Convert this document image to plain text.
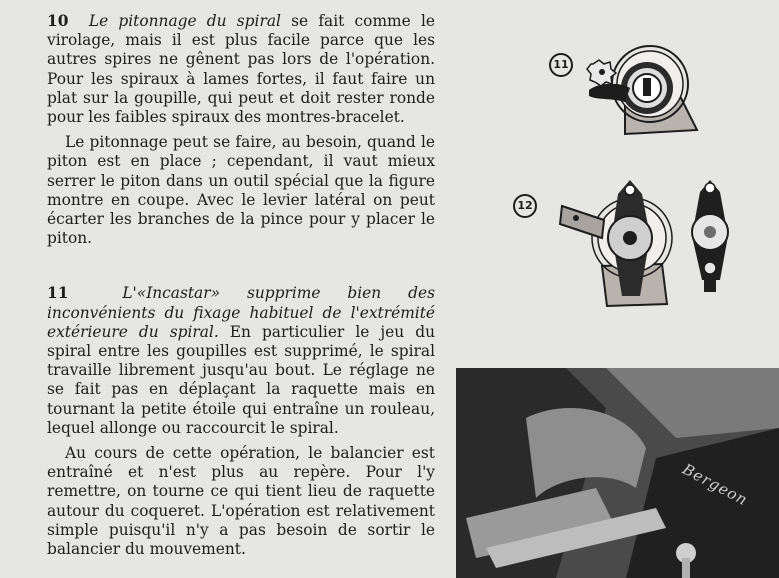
10 Le pitonnage du spiral se fait comme le virolage, mais il est plus facile parce que les autres spires ne gênent pas lors de l'opération. Pour les spiraux à lames fortes, il faut faire un plat sur la goupille, qui peut et doit rester ronde pour les faibles spiraux des montres-bracelet.

Le pitonnage peut se faire, au besoin, quand le piton est en place ; cependant, il vaut mieux serrer le piton dans un outil spécial que la figure montre en coupe. Avec le levier latéral on peut écarter les branches de la pince pour y placer le piton.

11	L'«Incastar» supprime bien des inconvénients du fixage habituel de l'extrémité extérieure du spiral. En particulier le jeu du spiral entre les goupilles est supprimé, le spiral travaille librement jusqu'au bout. Le réglage ne se fait pas en déplaçant la raquette mais en tournant la petite étoile qui entraîne un rouleau, lequel allonge ou raccourcit le spiral.

Au cours de cette opération, le balancier est entraîné et n'est plus au repère. Pour l'y remettre, on tourne ce qui tient lieu de raquette autour du coqueret. L'opération est relativement simple puisqu'il n'y a pas besoin de sortir le balancier du mouvement.

11
12
Bergeon
